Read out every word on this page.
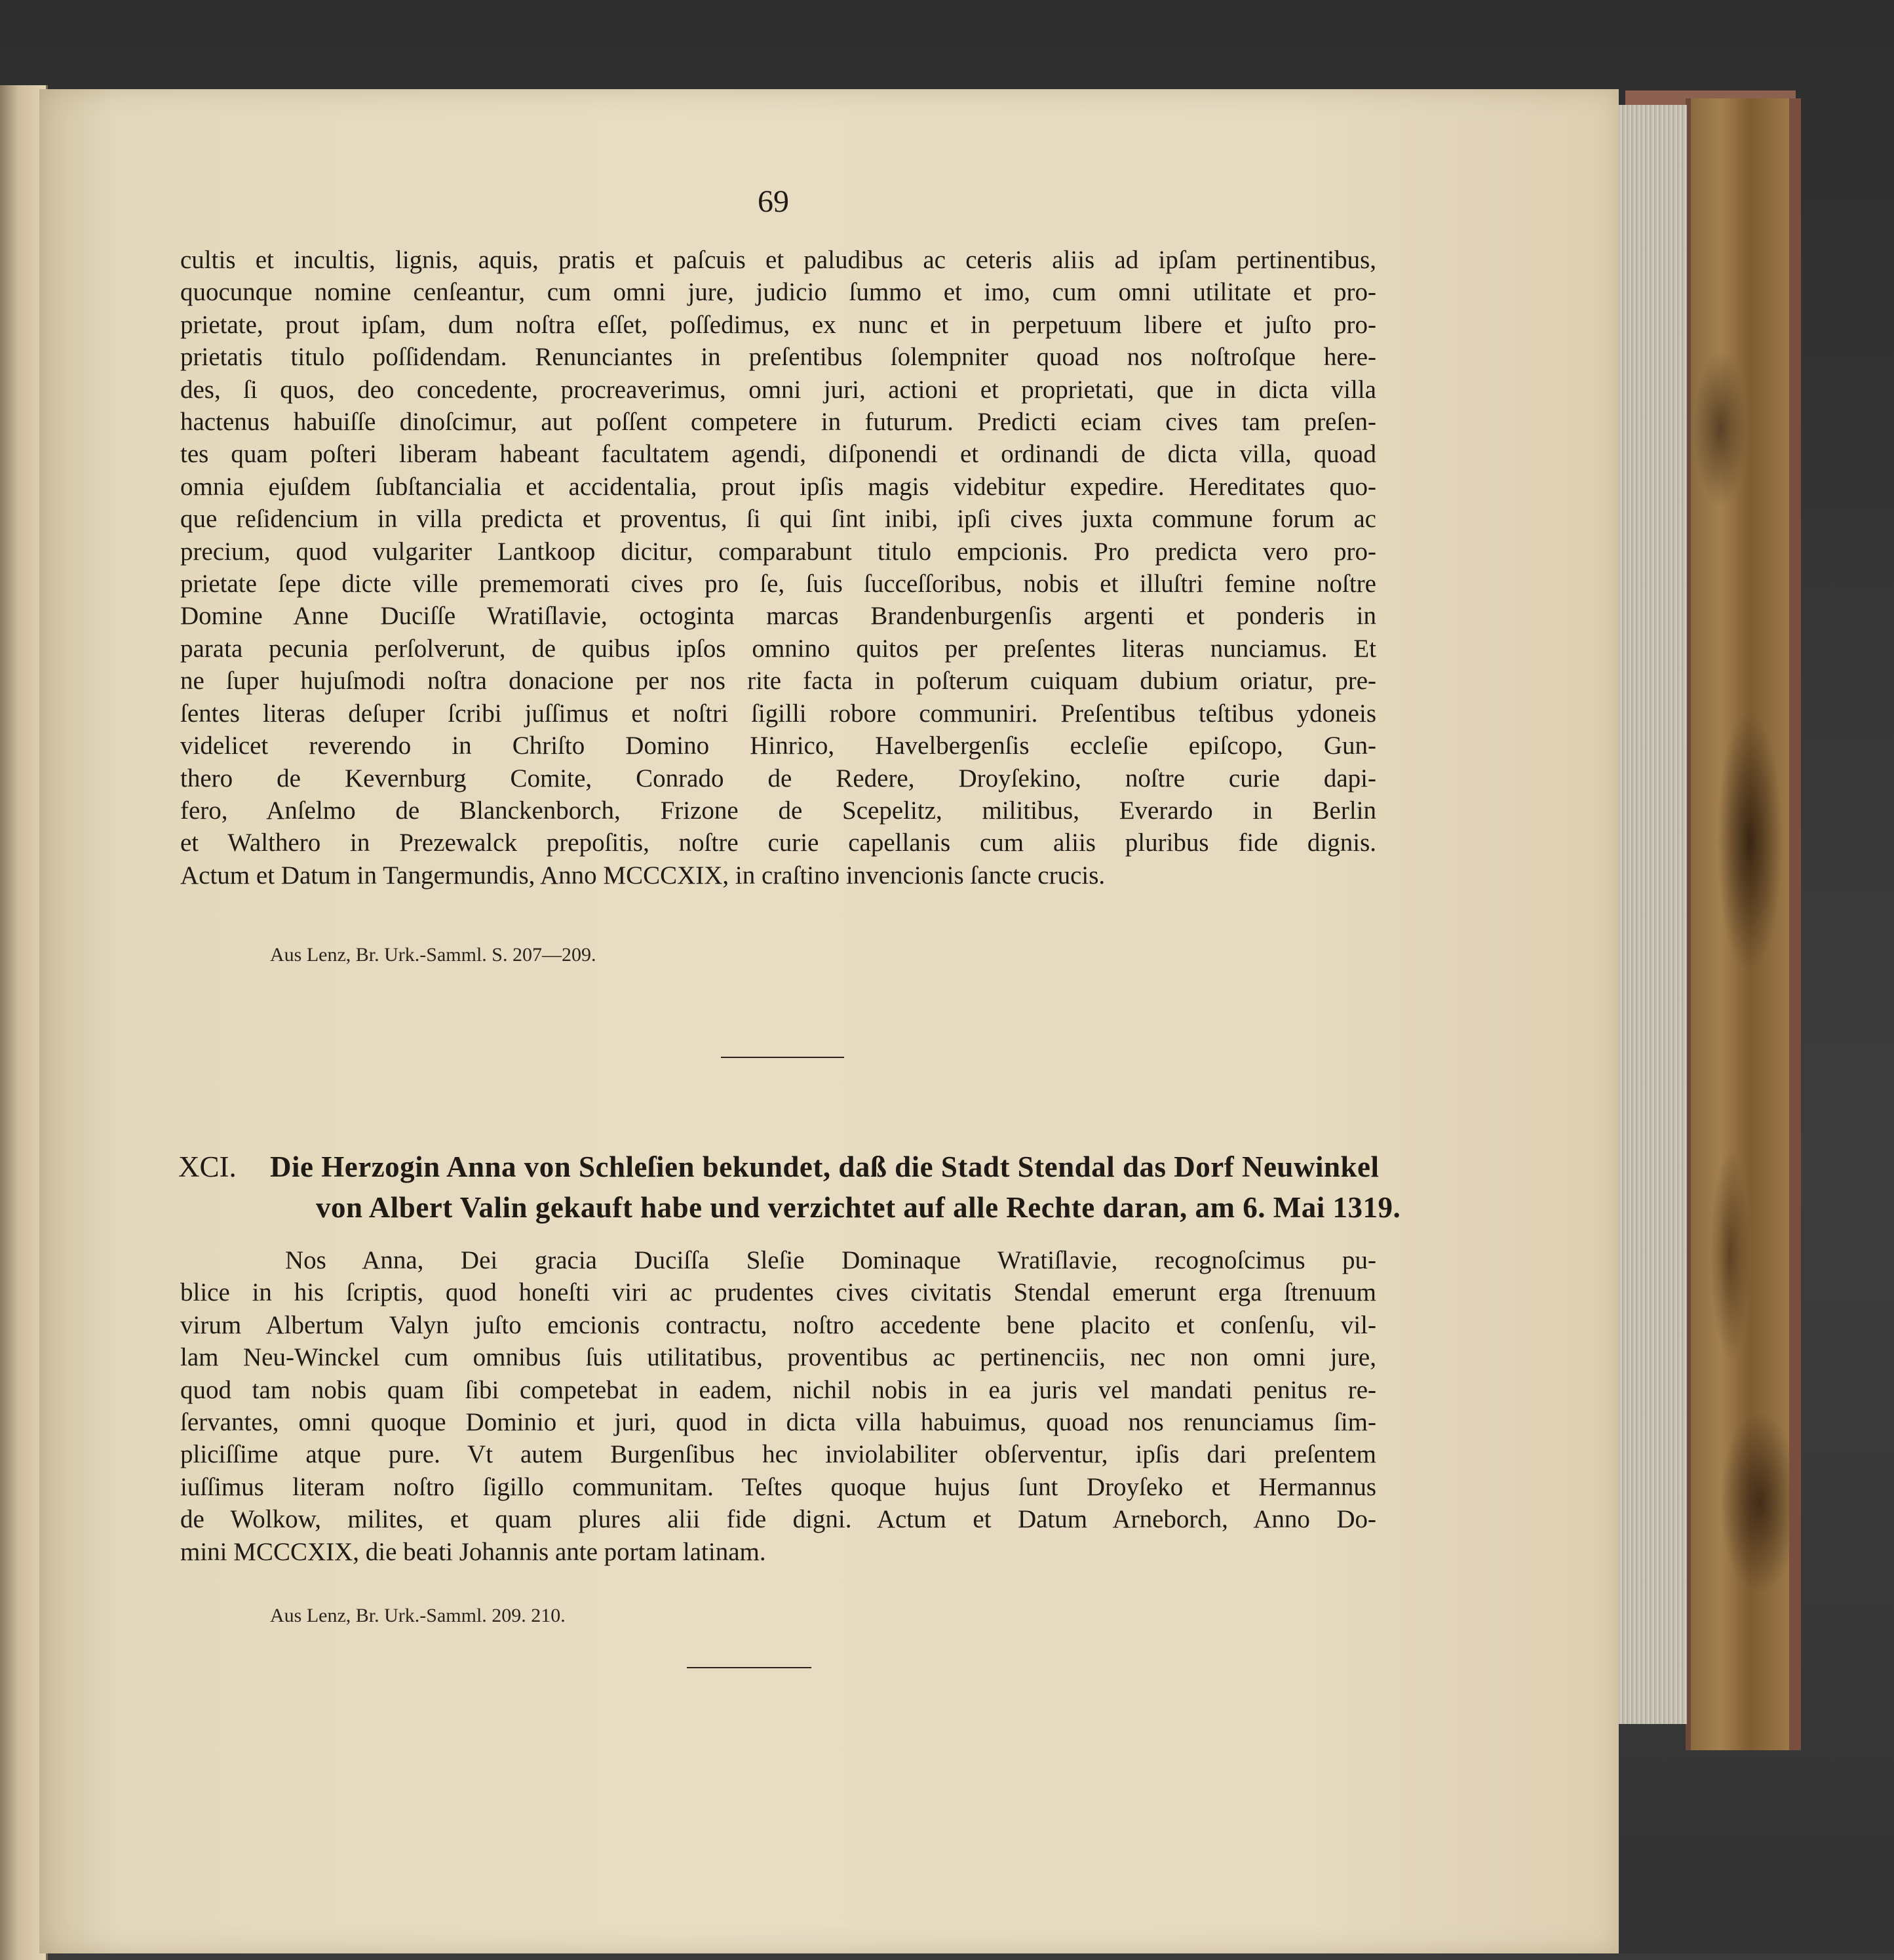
69
cultis et incultis, lignis, aquis, pratis et paſcuis et paludibus ac ceteris aliis ad ipſam pertinentibus,
quocunque nomine cenſeantur, cum omni jure, judicio ſummo et imo, cum omni utilitate et pro-
prietate, prout ipſam, dum noſtra eſſet, poſſedimus, ex nunc et in perpetuum libere et juſto pro-
prietatis titulo poſſidendam. Renunciantes in preſentibus ſolempniter quoad nos noſtroſque here-
des, ſi quos, deo concedente, procreaverimus, omni juri, actioni et proprietati, que in dicta villa
hactenus habuiſſe dinoſcimur, aut poſſent competere in futurum. Predicti eciam cives tam preſen-
tes quam poſteri liberam habeant facultatem agendi, diſponendi et ordinandi de dicta villa, quoad
omnia ejuſdem ſubſtancialia et accidentalia, prout ipſis magis videbitur expedire. Hereditates quo-
que reſidencium in villa predicta et proventus, ſi qui ſint inibi, ipſi cives juxta commune forum ac
precium, quod vulgariter Lantkoop dicitur, comparabunt titulo empcionis. Pro predicta vero pro-
prietate ſepe dicte ville prememorati cives pro ſe, ſuis ſucceſſoribus, nobis et illuſtri femine noſtre
Domine Anne Duciſſe Wratiſlavie, octoginta marcas Brandenburgenſis argenti et ponderis in
parata pecunia perſolverunt, de quibus ipſos omnino quitos per preſentes literas nunciamus. Et
ne ſuper hujuſmodi noſtra donacione per nos rite facta in poſterum cuiquam dubium oriatur, pre-
ſentes literas deſuper ſcribi juſſimus et noſtri ſigilli robore communiri. Preſentibus teſtibus ydoneis
videlicet reverendo in Chriſto Domino Hinrico, Havelbergenſis eccleſie epiſcopo, Gun-
thero de Kevernburg Comite, Conrado de Redere, Droyſekino, noſtre curie dapi-
fero, Anſelmo de Blanckenborch, Frizone de Scepelitz, militibus, Everardo in Berlin
et Walthero in Prezewalck prepoſitis, noſtre curie capellanis cum aliis pluribus fide dignis.
Actum et Datum in Tangermundis, Anno MCCCXIX, in craſtino invencionis ſancte crucis.
Aus Lenz, Br. Urk.-Samml. S. 207—209.
XCI. Die Herzogin Anna von Schleſien bekundet, daß die Stadt Stendal das Dorf Neuwinkel
von Albert Valin gekauft habe und verzichtet auf alle Rechte daran, am 6. Mai 1319.
Nos Anna, Dei gracia Duciſſa Sleſie Dominaque Wratiſlavie, recognoſcimus pu-
blice in his ſcriptis, quod honeſti viri ac prudentes cives civitatis Stendal emerunt erga ſtrenuum
virum Albertum Valyn juſto emcionis contractu, noſtro accedente bene placito et conſenſu, vil-
lam Neu-Winckel cum omnibus ſuis utilitatibus, proventibus ac pertinenciis, nec non omni jure,
quod tam nobis quam ſibi competebat in eadem, nichil nobis in ea juris vel mandati penitus re-
ſervantes, omni quoque Dominio et juri, quod in dicta villa habuimus, quoad nos renunciamus ſim-
pliciſſime atque pure. Vt autem Burgenſibus hec inviolabiliter obſerventur, ipſis dari preſentem
iuſſimus literam noſtro ſigillo communitam. Teſtes quoque hujus ſunt Droyſeko et Hermannus
de Wolkow, milites, et quam plures alii fide digni. Actum et Datum Arneborch, Anno Do-
mini MCCCXIX, die beati Johannis ante portam latinam.
Aus Lenz, Br. Urk.-Samml. 209. 210.
